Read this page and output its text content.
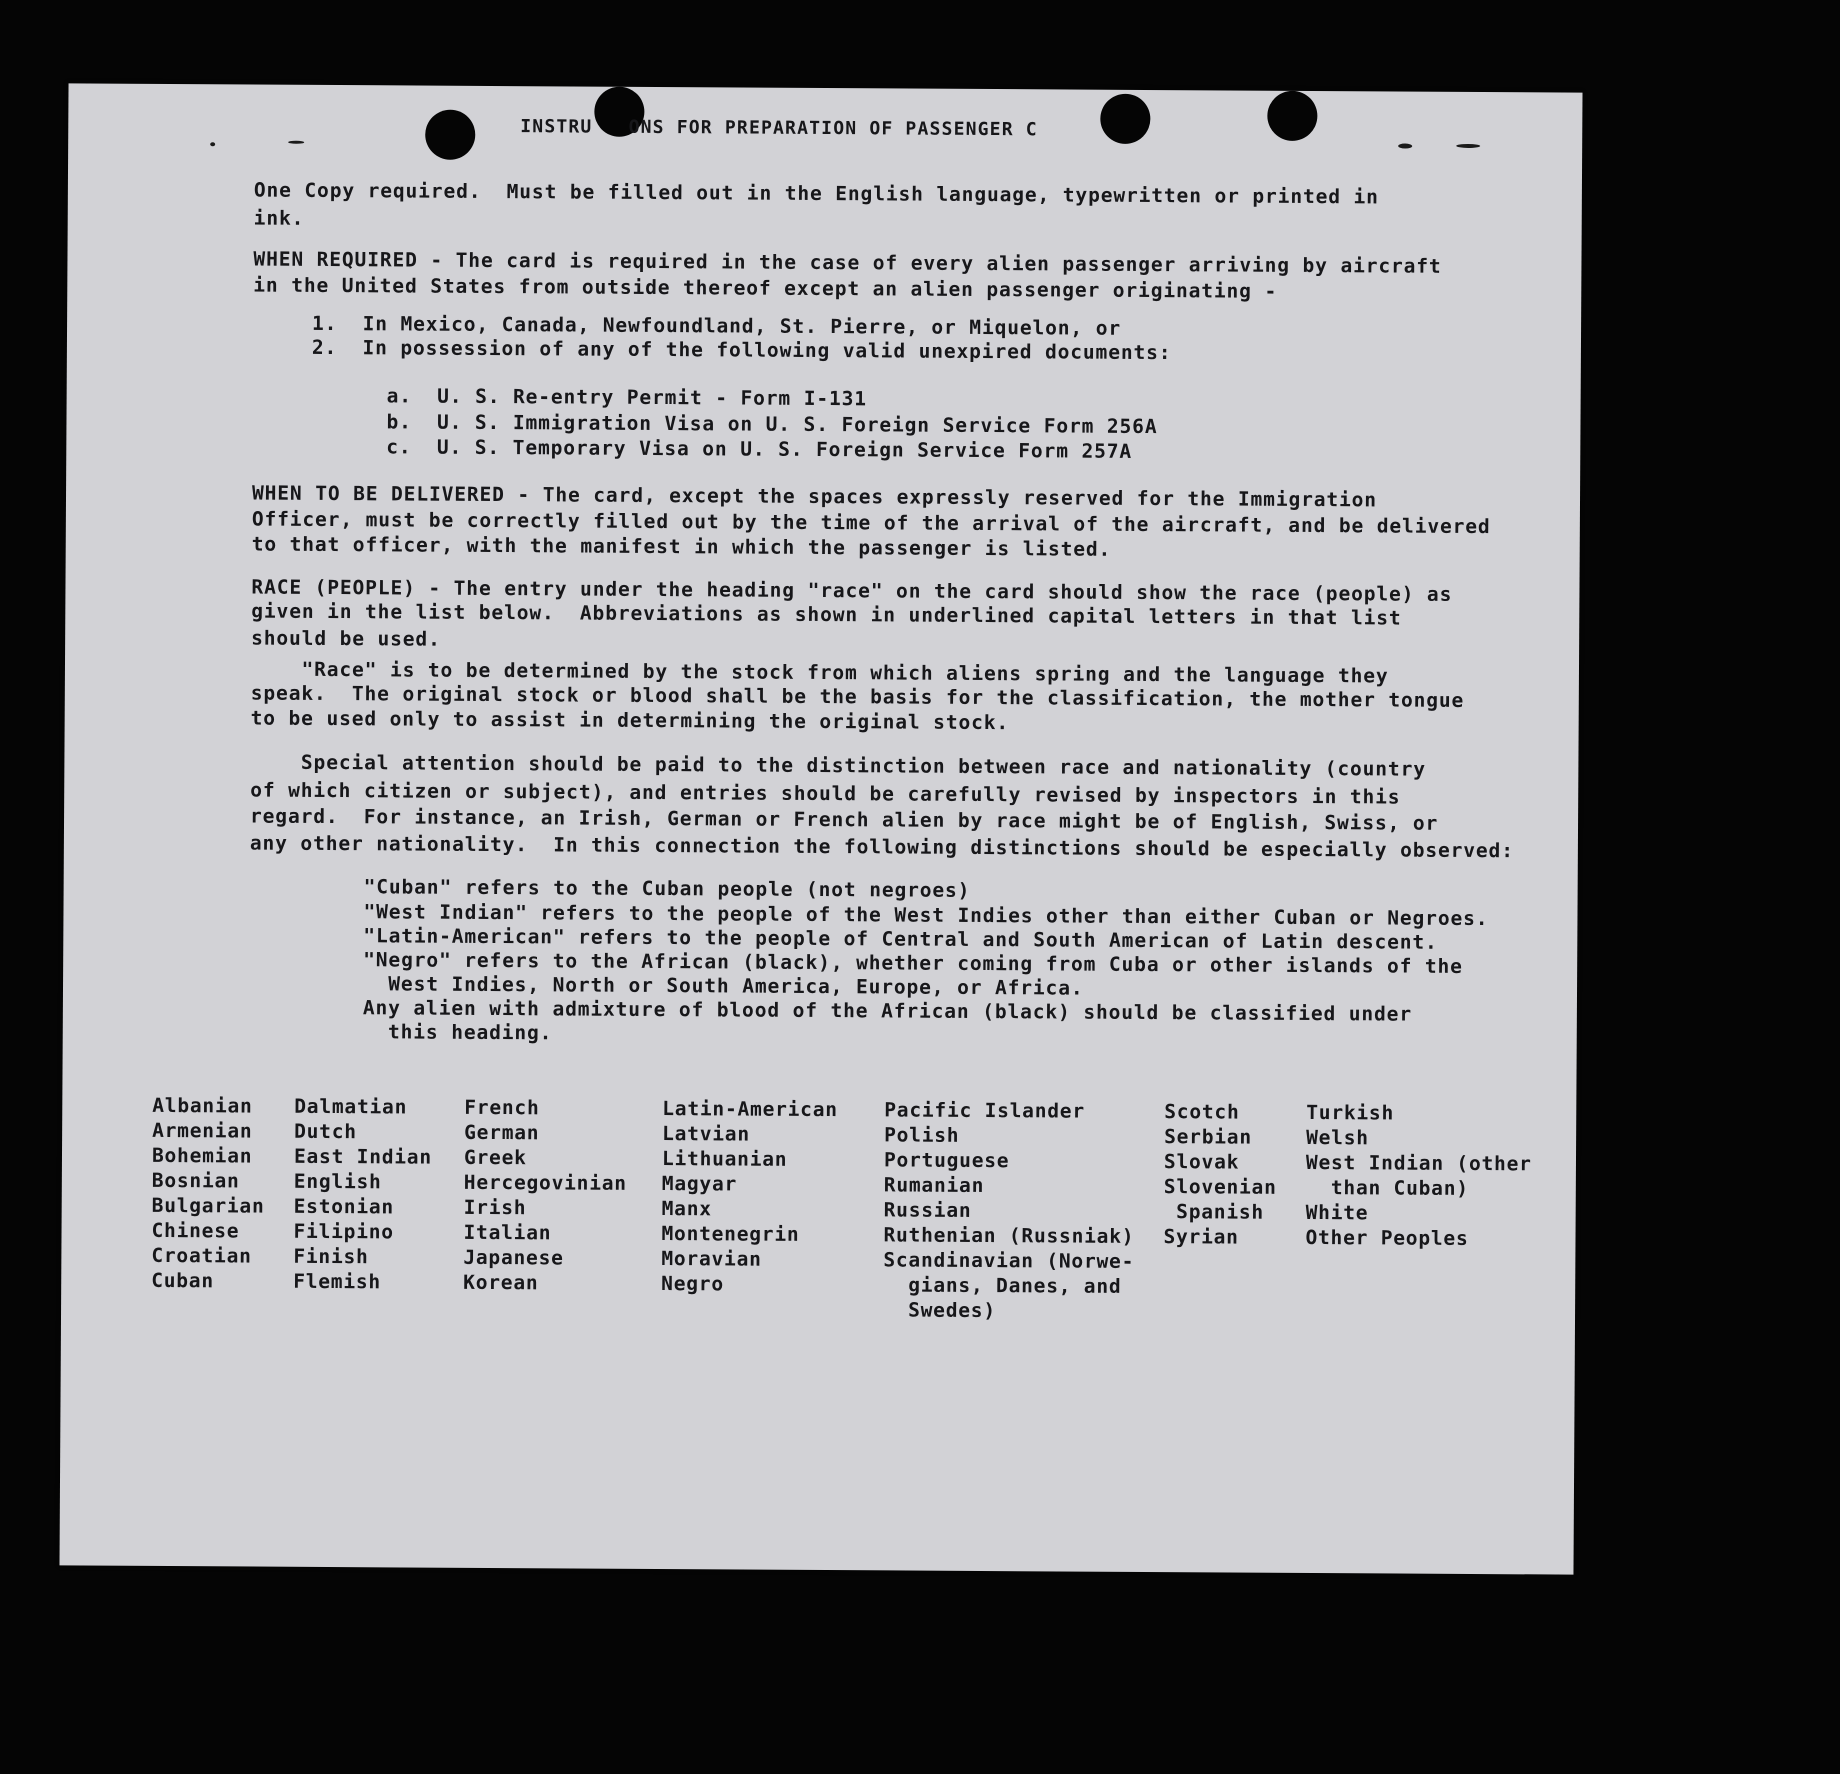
INSTRU   ONS FOR PREPARATION OF PASSENGER C
One Copy required.  Must be filled out in the English language, typewritten or printed in
ink.
WHEN REQUIRED - The card is required in the case of every alien passenger arriving by aircraft
in the United States from outside thereof except an alien passenger originating -
1.  In Mexico, Canada, Newfoundland, St. Pierre, or Miquelon, or
2.  In possession of any of the following valid unexpired documents:
a.  U. S. Re-entry Permit - Form I-131
b.  U. S. Immigration Visa on U. S. Foreign Service Form 256A
c.  U. S. Temporary Visa on U. S. Foreign Service Form 257A
WHEN TO BE DELIVERED - The card, except the spaces expressly reserved for the Immigration
Officer, must be correctly filled out by the time of the arrival of the aircraft, and be delivered
to that officer, with the manifest in which the passenger is listed.
RACE (PEOPLE) - The entry under the heading "race" on the card should show the race (people) as
given in the list below.  Abbreviations as shown in underlined capital letters in that list
should be used.
"Race" is to be determined by the stock from which aliens spring and the language they
speak.  The original stock or blood shall be the basis for the classification, the mother tongue
to be used only to assist in determining the original stock.
Special attention should be paid to the distinction between race and nationality (country
of which citizen or subject), and entries should be carefully revised by inspectors in this
regard.  For instance, an Irish, German or French alien by race might be of English, Swiss, or
any other nationality.  In this connection the following distinctions should be especially observed:
"Cuban" refers to the Cuban people (not negroes)
"West Indian" refers to the people of the West Indies other than either Cuban or Negroes.
"Latin-American" refers to the people of Central and South American of Latin descent.
"Negro" refers to the African (black), whether coming from Cuba or other islands of the
West Indies, North or South America, Europe, or Africa.
Any alien with admixture of blood of the African (black) should be classified under
this heading.
Albanian
Armenian
Bohemian
Bosnian
Bulgarian
Chinese
Croatian
Cuban
Dalmatian
Dutch
East Indian
English
Estonian
Filipino
Finish
Flemish
French
German
Greek
Hercegovinian
Irish
Italian
Japanese
Korean
Latin-American
Latvian
Lithuanian
Magyar
Manx
Montenegrin
Moravian
Negro
Pacific Islander
Polish
Portuguese
Rumanian
Russian
Ruthenian (Russniak)
Scandinavian (Norwe-
gians, Danes, and
Swedes)
Scotch
Serbian
Slovak
Slovenian
Spanish
Syrian
Turkish
Welsh
West Indian (other
than Cuban)
White
Other Peoples
